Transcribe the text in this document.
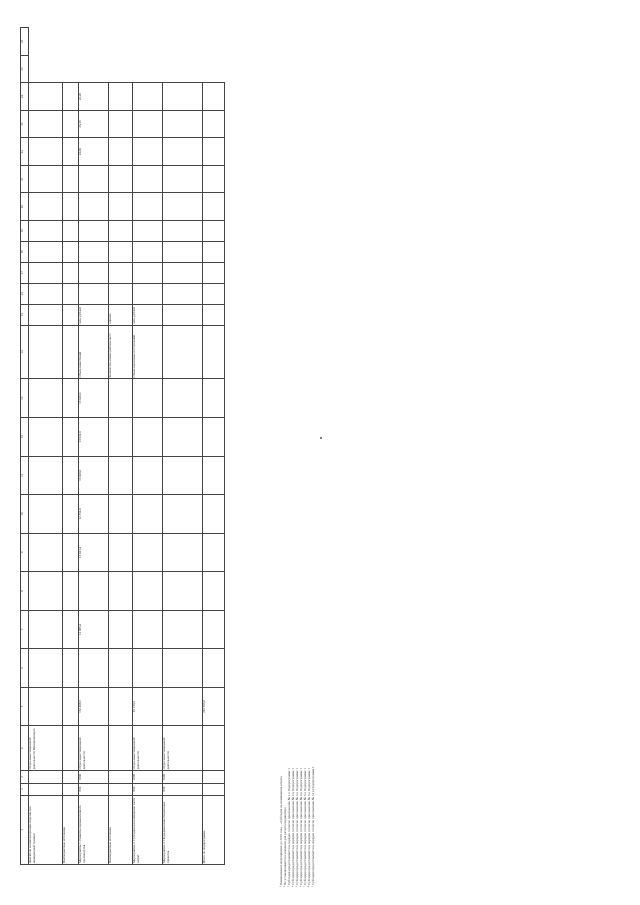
¹ Наименование мероприятия до 2019 года – «Субсидия на возмещение затрат» ² Не устанавливается в значении для расчета индикатора ³ Субсидия предоставляется в порядке согласно приложению № 1 к Подпрограмме 1 ⁴ Субсидия предоставляется в порядке согласно приложению № 2 к Подпрограмме 1 ⁵ Субсидия предоставляется в порядке согласно приложению № 3 к Подпрограмме 1 ⁶ Субсидия предоставляется в порядке согласно приложению № 4 к Подпрограмме 1 ⁷ Субсидия предоставляется в порядке согласно приложению № 5 к Подпрограмме 1 ⁸ Субсидия предоставляется в порядке согласно приложению № 6 к Подпрограмме 1 ⁹ Субсидия предоставляется в порядке согласно приложению № 12 к Подпрограмме 1
1	2	3	4	5	6	7	8	9	10	11	12	13	14	15	16	17	18	19	20	21	22	23	24	25	26
Двигатели и комплектующие изделия для авиационной техники			Отдел инвестиционной деятельности Минпромэнерго																						
Внебюджетные источники																									
Мероприятие 1. Развитие промышленного производства	830	1000	Отдел инвестиционной деятельности	152 498,5		12 086,4		13 021,4	12 354,0	13 020,0	13 032,0	13 020,0	Объем инвестиций	млн. рублей							24,00	23,10	22,20		
Внебюджетные источники													Количество новых рабочих мест	единиц											
Мероприятие 2. Субсидии на возмещение части затрат	830	1000	Отдел инвестиционной деятельности	91 156,5									Объем налоговых поступлений	млн. рублей											
Мероприятие 3. Поддержка инвестиционных проектов	830	1000	Отдел инвестиционной деятельности																						
Итого по подпрограмме				244 655,0																					
